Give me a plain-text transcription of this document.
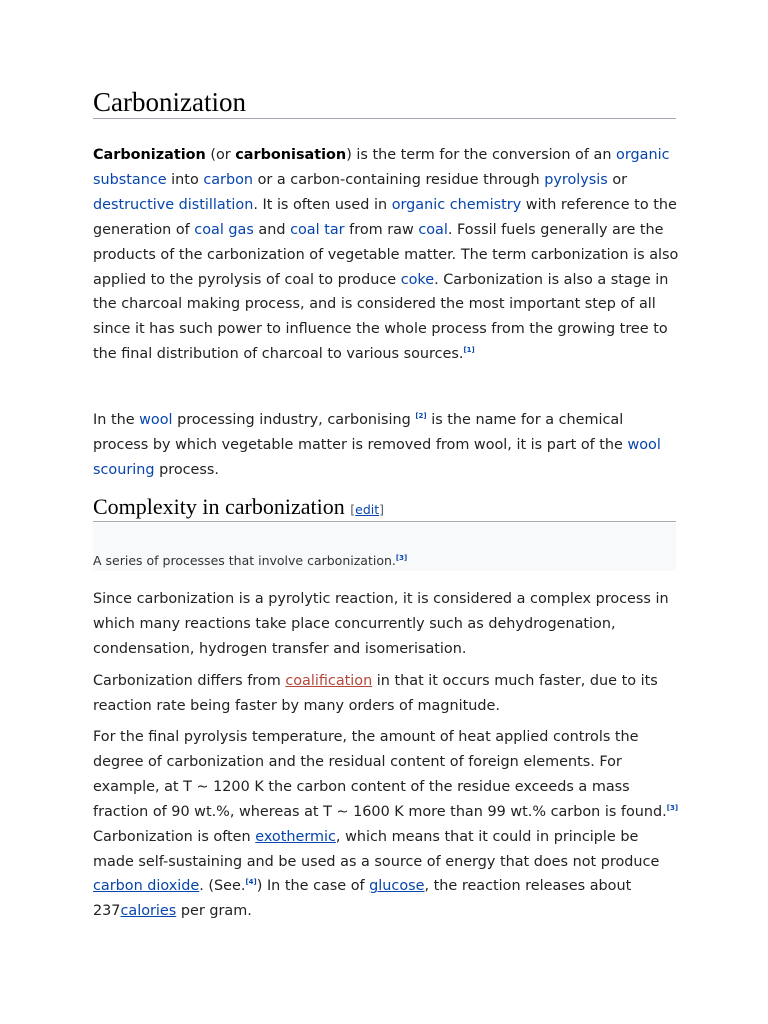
Carbonization

Carbonization (or carbonisation) is the term for the conversion of an organic substance into carbon or a carbon-containing residue through pyrolysis or destructive distillation. It is often used in organic chemistry with reference to the generation of coal gas and coal tar from raw coal. Fossil fuels generally are the products of the carbonization of vegetable matter. The term carbonization is also applied to the pyrolysis of coal to produce coke. Carbonization is also a stage in the charcoal making process, and is considered the most important step of all since it has such power to influence the whole process from the growing tree to the final distribution of charcoal to various sources.[1]

In the wool processing industry, carbonising [2] is the name for a chemical process by which vegetable matter is removed from wool, it is part of the wool scouring process.

Complexity in carbonization [edit]
A series of processes that involve carbonization.[3]

Since carbonization is a pyrolytic reaction, it is considered a complex process in which many reactions take place concurrently such as dehydrogenation, condensation, hydrogen transfer and isomerisation.

Carbonization differs from coalification in that it occurs much faster, due to its reaction rate being faster by many orders of magnitude.

For the final pyrolysis temperature, the amount of heat applied controls the degree of carbonization and the residual content of foreign elements. For example, at T ∼ 1200 K the carbon content of the residue exceeds a mass fraction of 90 wt.%, whereas at T ∼ 1600 K more than 99 wt.% carbon is found.[3] Carbonization is often exothermic, which means that it could in principle be made self-sustaining and be used as a source of energy that does not produce carbon dioxide. (See.[4]) In the case of glucose, the reaction releases about 237calories per gram.
